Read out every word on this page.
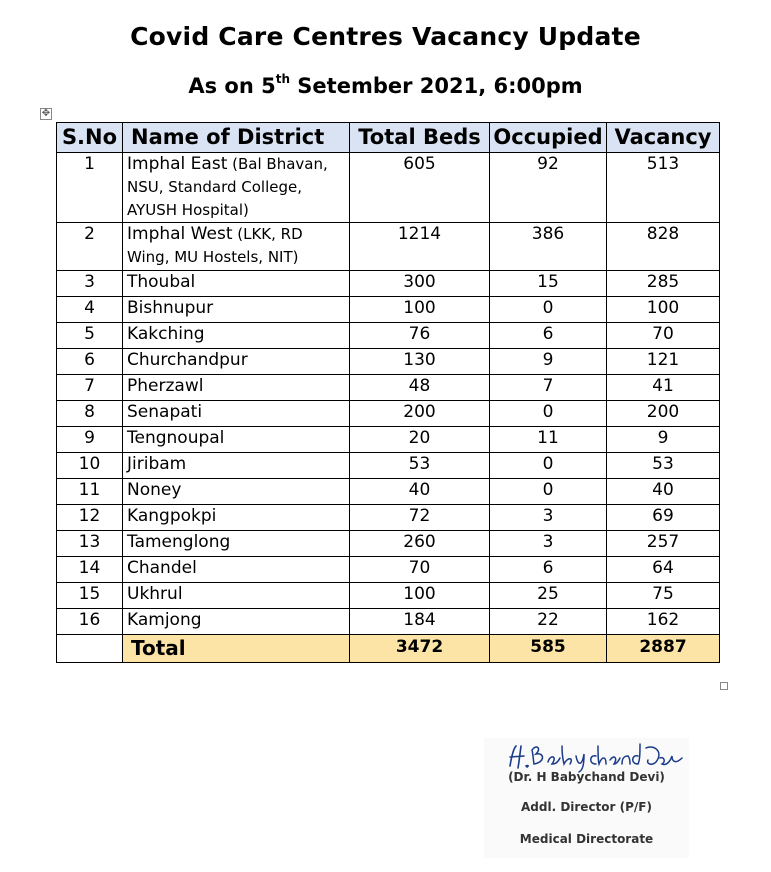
Covid Care Centres Vacancy Update
As on 5th Setember 2021, 6:00pm
✥
S.No	Name of District	Total Beds	Occupied	Vacancy
1	Imphal East (Bal Bhavan, NSU, Standard College, AYUSH Hospital)	605	92	513
2	Imphal West (LKK, RD Wing, MU Hostels, NIT)	1214	386	828
3	Thoubal	300	15	285
4	Bishnupur	100	0	100
5	Kakching	76	6	70
6	Churchandpur	130	9	121
7	Pherzawl	48	7	41
8	Senapati	200	0	200
9	Tengnoupal	20	11	9
10	Jiribam	53	0	53
11	Noney	40	0	40
12	Kangpokpi	72	3	69
13	Tamenglong	260	3	257
14	Chandel	70	6	64
15	Ukhrul	100	25	75
16	Kamjong	184	22	162
	Total	3472	585	2887
(Dr. H Babychand Devi)
Addl. Director (P/F)
Medical Directorate
